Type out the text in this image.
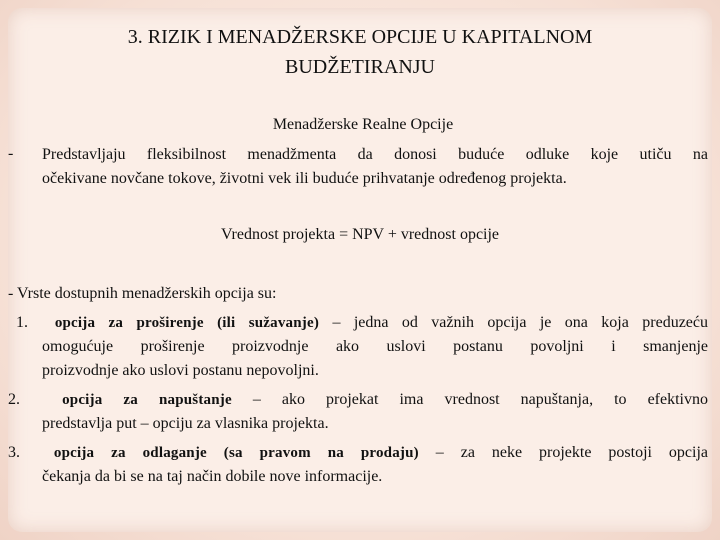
3. RIZIK I MENADŽERSKE OPCIJE U KAPITALNOM
BUDŽETIRANJU
Menadžerske Realne Opcije
- Predstavljaju fleksibilnost menadžmenta da donosi buduće odluke koje utiču na
očekivane novčane tokove, životni vek ili buduće prihvatanje određenog projekta.
Vrednost projekta = NPV + vrednost opcije
- Vrste dostupnih menadžerskih opcija su:
1. opcija za proširenje (ili sužavanje) – jedna od važnih opcija je ona koja preduzeću
omogućuje proširenje proizvodnje ako uslovi postanu povoljni i smanjenje
proizvodnje ako uslovi postanu nepovoljni.
2.	opcija za napuštanje – ako projekat ima vrednost napuštanja, to efektivno
predstavlja put – opciju za vlasnika projekta.
3. opcija za odlaganje (sa pravom na prodaju) – za neke projekte postoji opcija
čekanja da bi se na taj način dobile nove informacije.
